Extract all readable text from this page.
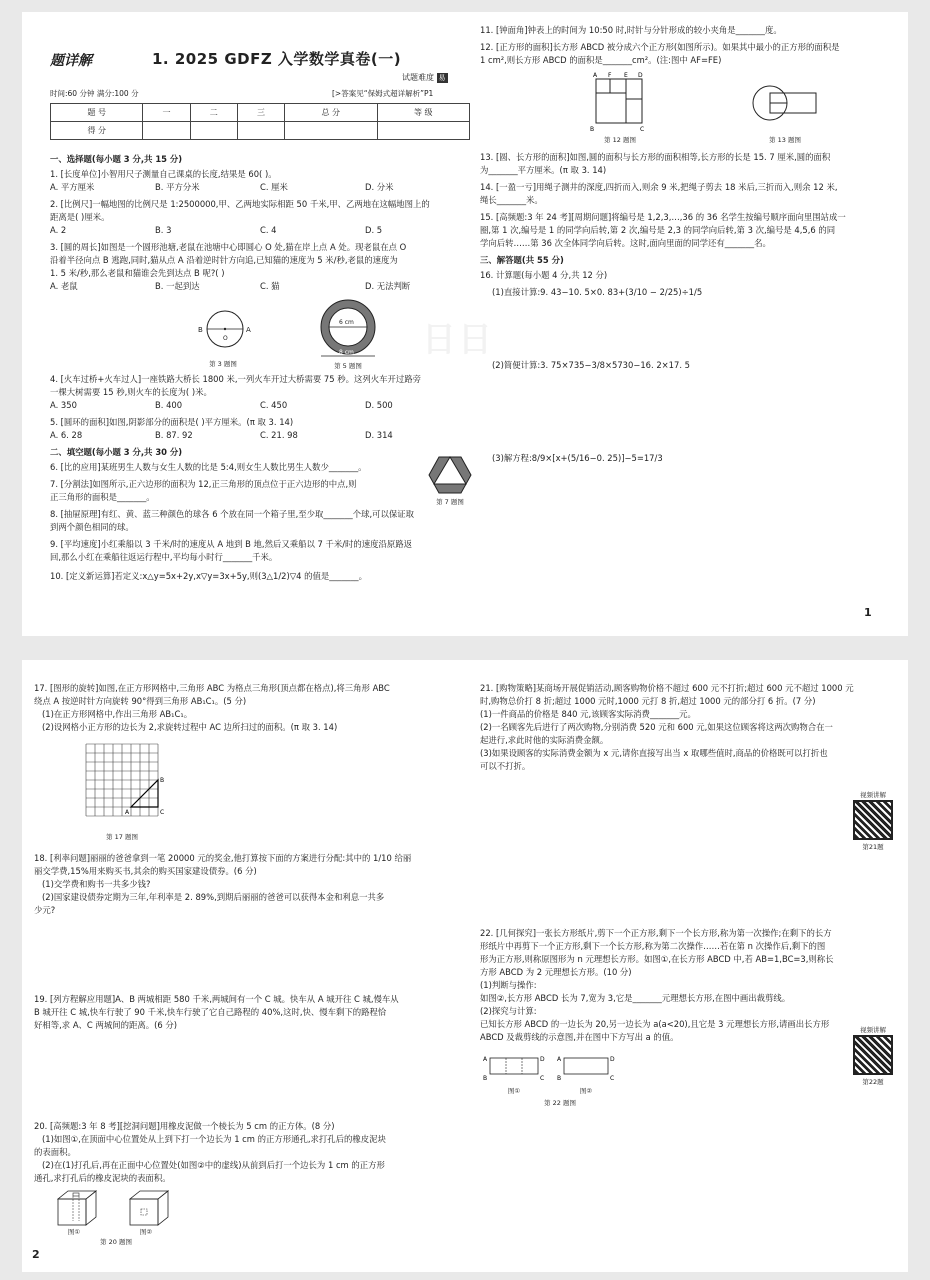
题详解	1. 2025 GDFZ 入学数学真卷(一)
试题难度 易
时间:60 分钟 满分:100 分	[>答案见“保姆式超详解析”P1
题 号	一	二	三	总 分	等 级
得 分					
日日
一、选择题(每小题 3 分,共 15 分)
1. [长度单位]小智用尺子测量自己课桌的长度,结果是 60( )。
A. 平方厘米	B. 平方分米	C. 厘米	D. 分米
2. [比例尺]一幅地图的比例尺是 1:2500000,甲、乙两地实际相距 50 千米,甲、乙两地在这幅地图上的
距离是( )厘米。
A. 2	B. 3	C. 4	D. 5
3. [圆的周长]如图是一个圆形池塘,老鼠在池塘中心即圆心 O 处,猫在岸上点 A 处。现老鼠在点 O
沿着半径向点 B 逃跑,同时,猫从点 A 沿着逆时针方向追,已知猫的速度为 5 米/秒,老鼠的速度为
1. 5 米/秒,那么老鼠和猫谁会先到达点 B 呢?( )
A. 老鼠	B. 一起到达	C. 猫	D. 无法判断
B	A
O
第 3 题图
6 cm
8 cm
第 5 题图
4. [火车过桥+火车过人]一座铁路大桥长 1800 米,一列火车开过大桥需要 75 秒。这列火车开过路旁
一棵大树需要 15 秒,则火车的长度为( )米。
A. 350	B. 400	C. 450	D. 500
5. [圆环的面积]如图,阴影部分的面积是( )平方厘米。(π 取 3. 14)
A. 6. 28	B. 87. 92	C. 21. 98	D. 314
二、填空题(每小题 3 分,共 30 分)
6. [比的应用]某班男生人数与女生人数的比是 5:4,则女生人数比男生人数少_______。
7. [分割法]如图所示,正六边形的面积为 12,正三角形的顶点位于正六边形的中点,则
正三角形的面积是_______。	第 7 题图
8. [抽屉原理]有红、黄、蓝三种颜色的球各 6 个放在同一个箱子里,至少取_______个球,可以保证取
到两个颜色相同的球。
9. [平均速度]小红乘船以 3 千米/时的速度从 A 地到 B 地,然后又乘船以 7 千米/时的速度沿原路返
回,那么小红在乘船往返运行程中,平均每小时行_______千米。
10. [定义新运算]若定义:x△y=5x+2y,x▽y=3x+5y,则(3△1/2)▽4 的值是_______。
11. [钟面角]钟表上的时间为 10:50 时,时针与分针形成的较小夹角是_______度。
12. [正方形的面积]长方形 ABCD 被分成六个正方形(如图所示)。如果其中最小的正方形的面积是
1 cm²,则长方形 ABCD 的面积是_______cm²。(注:图中 AF=FE)
A F E D
B	C
第 12 题图	第 13 题图
13. [圆、长方形的面积]如图,圆的面积与长方形的面积相等,长方形的长是 15. 7 厘米,圆的面积
为_______平方厘米。(π 取 3. 14)
14. [一盈一亏]用绳子测井的深度,四折而入,则余 9 米,把绳子剪去 18 米后,三折而入,则余 12 米,
绳长_______米。
15. [高频题:3 年 24 考][周期问题]将编号是 1,2,3,…,36 的 36 名学生按编号顺序面向里围站成一
圈,第 1 次,编号是 1 的同学向后转,第 2 次,编号是 2,3 的同学向后转,第 3 次,编号是 4,5,6 的同
学向后转……第 36 次全体同学向后转。这时,面向里面的同学还有_______名。
三、解答题(共 55 分)
16. 计算题(每小题 4 分,共 12 分)
(1)直接计算:9. 43−10. 5×0. 83+(3/10 − 2/25)÷1/5
(2)简便计算:3. 75×735−3/8×5730−16. 2×17. 5
(3)解方程:8/9×[x+(5/16−0. 25)]−5=17/3
1
17. [图形的旋转]如图,在正方形网格中,三角形 ABC 为格点三角形(顶点都在格点),将三角形 ABC
绕点 A 按逆时针方向旋转 90°得到三角形 AB₁C₁。(5 分)
(1)在正方形网格中,作出三角形 AB₁C₁。
(2)设网格小正方形的边长为 2,求旋转过程中 AC 边所扫过的面积。(π 取 3. 14)
A
B
C
第 17 题图
18. [利率问题]丽丽的爸爸拿到一笔 20000 元的奖金,他打算按下面的方案进行分配:其中的 1/10 给丽
丽交学费,15%用来购买书,其余的购买国家建设债券。(6 分)
(1)交学费和购书一共多少钱?
(2)国家建设债券定期为三年,年利率是 2. 89%,到期后丽丽的爸爸可以获得本金和利息一共多
少元?
19. [列方程解应用题]A、B 两城相距 580 千米,两城间有一个 C 城。快车从 A 城开往 C 城,慢车从
B 城开往 C 城,快车行驶了 90 千米,快车行驶了它自己路程的 40%,这时,快、慢车剩下的路程恰
好相等,求 A、C 两城间的距离。(6 分)
20. [高频题:3 年 8 考][挖洞问题]用橡皮泥做一个棱长为 5 cm 的正方体。(8 分)
(1)如图①,在顶面中心位置处从上到下打一个边长为 1 cm 的正方形通孔,求打孔后的橡皮泥块
的表面积。
(2)在(1)打孔后,再在正面中心位置处(如图②中的虚线)从前到后打一个边长为 1 cm 的正方形
通孔,求打孔后的橡皮泥块的表面积。
图①	图②
第 20 题图
21. [购物策略]某商场开展促销活动,顾客购物价格不超过 600 元不打折;超过 600 元不超过 1000 元
时,购物总价打 8 折;超过 1000 元时,1000 元打 8 折,超过 1000 元的部分打 6 折。(7 分)
(1)一件商品的价格是 840 元,该顾客实际消费_______元。
(2)一名顾客先后进行了两次购物,分别消费 520 元和 600 元,如果这位顾客将这两次购物合在一
起进行,求此时他的实际消费金额。
(3)如果设顾客的实际消费金额为 x 元,请你直接写出当 x 取哪些值时,商品的价格既可以打折也
可以不打折。
22. [几何探究]一张长方形纸片,剪下一个正方形,剩下一个长方形,称为第一次操作;在剩下的长方
形纸片中再剪下一个正方形,剩下一个长方形,称为第二次操作……若在第 n 次操作后,剩下的图
形为正方形,则称原图形为 n 元理想长方形。如图①,在长方形 ABCD 中,若 AB=1,BC=3,则称长
方形 ABCD 为 2 元理想长方形。(10 分)
(1)判断与操作:
如图②,长方形 ABCD 长为 7,宽为 3,它是_______元理想长方形,在图中画出裁剪线。
(2)探究与计算:
已知长方形 ABCD 的一边长为 20,另一边长为 a(a<20),且它是 3 元理想长方形,请画出长方形
ABCD 及裁剪线的示意图,并在图中下方写出 a 的值。
A	D
B	C
A	D
B	C
图①	图②
第 22 题图
视频讲解
第21题
视频讲解
第22题
2
